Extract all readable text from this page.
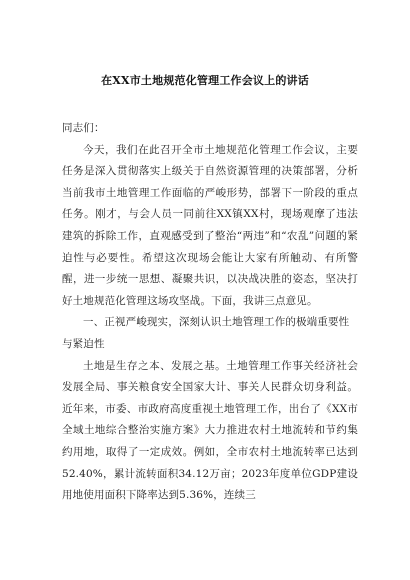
在XX市土地规范化管理工作会议上的讲话

同志们：

今天，我们在此召开全市土地规范化管理工作会议，主要任务是深入贯彻落实上级关于自然资源管理的决策部署，分析当前我市土地管理工作面临的严峻形势，部署下一阶段的重点任务。刚才，与会人员一同前往XX镇XX村，现场观摩了违法建筑的拆除工作，直观感受到了整治“两违”和“农乱”问题的紧迫性与必要性。希望这次现场会能让大家有所触动、有所警醒，进一步统一思想、凝聚共识，以决战决胜的姿态，坚决打好土地规范化管理这场攻坚战。下面，我讲三点意见。

一、正视严峻现实，深刻认识土地管理工作的极端重要性与紧迫性

土地是生存之本、发展之基。土地管理工作事关经济社会发展全局、事关粮食安全国家大计、事关人民群众切身利益。近年来，市委、市政府高度重视土地管理工作，出台了《XX市全域土地综合整治实施方案》大力推进农村土地流转和节约集约用地，取得了一定成效。例如，全市农村土地流转率已达到52.40%，累计流转面积34.12万亩；2023年度单位GDP建设用地使用面积下降率达到5.36%，连续三
